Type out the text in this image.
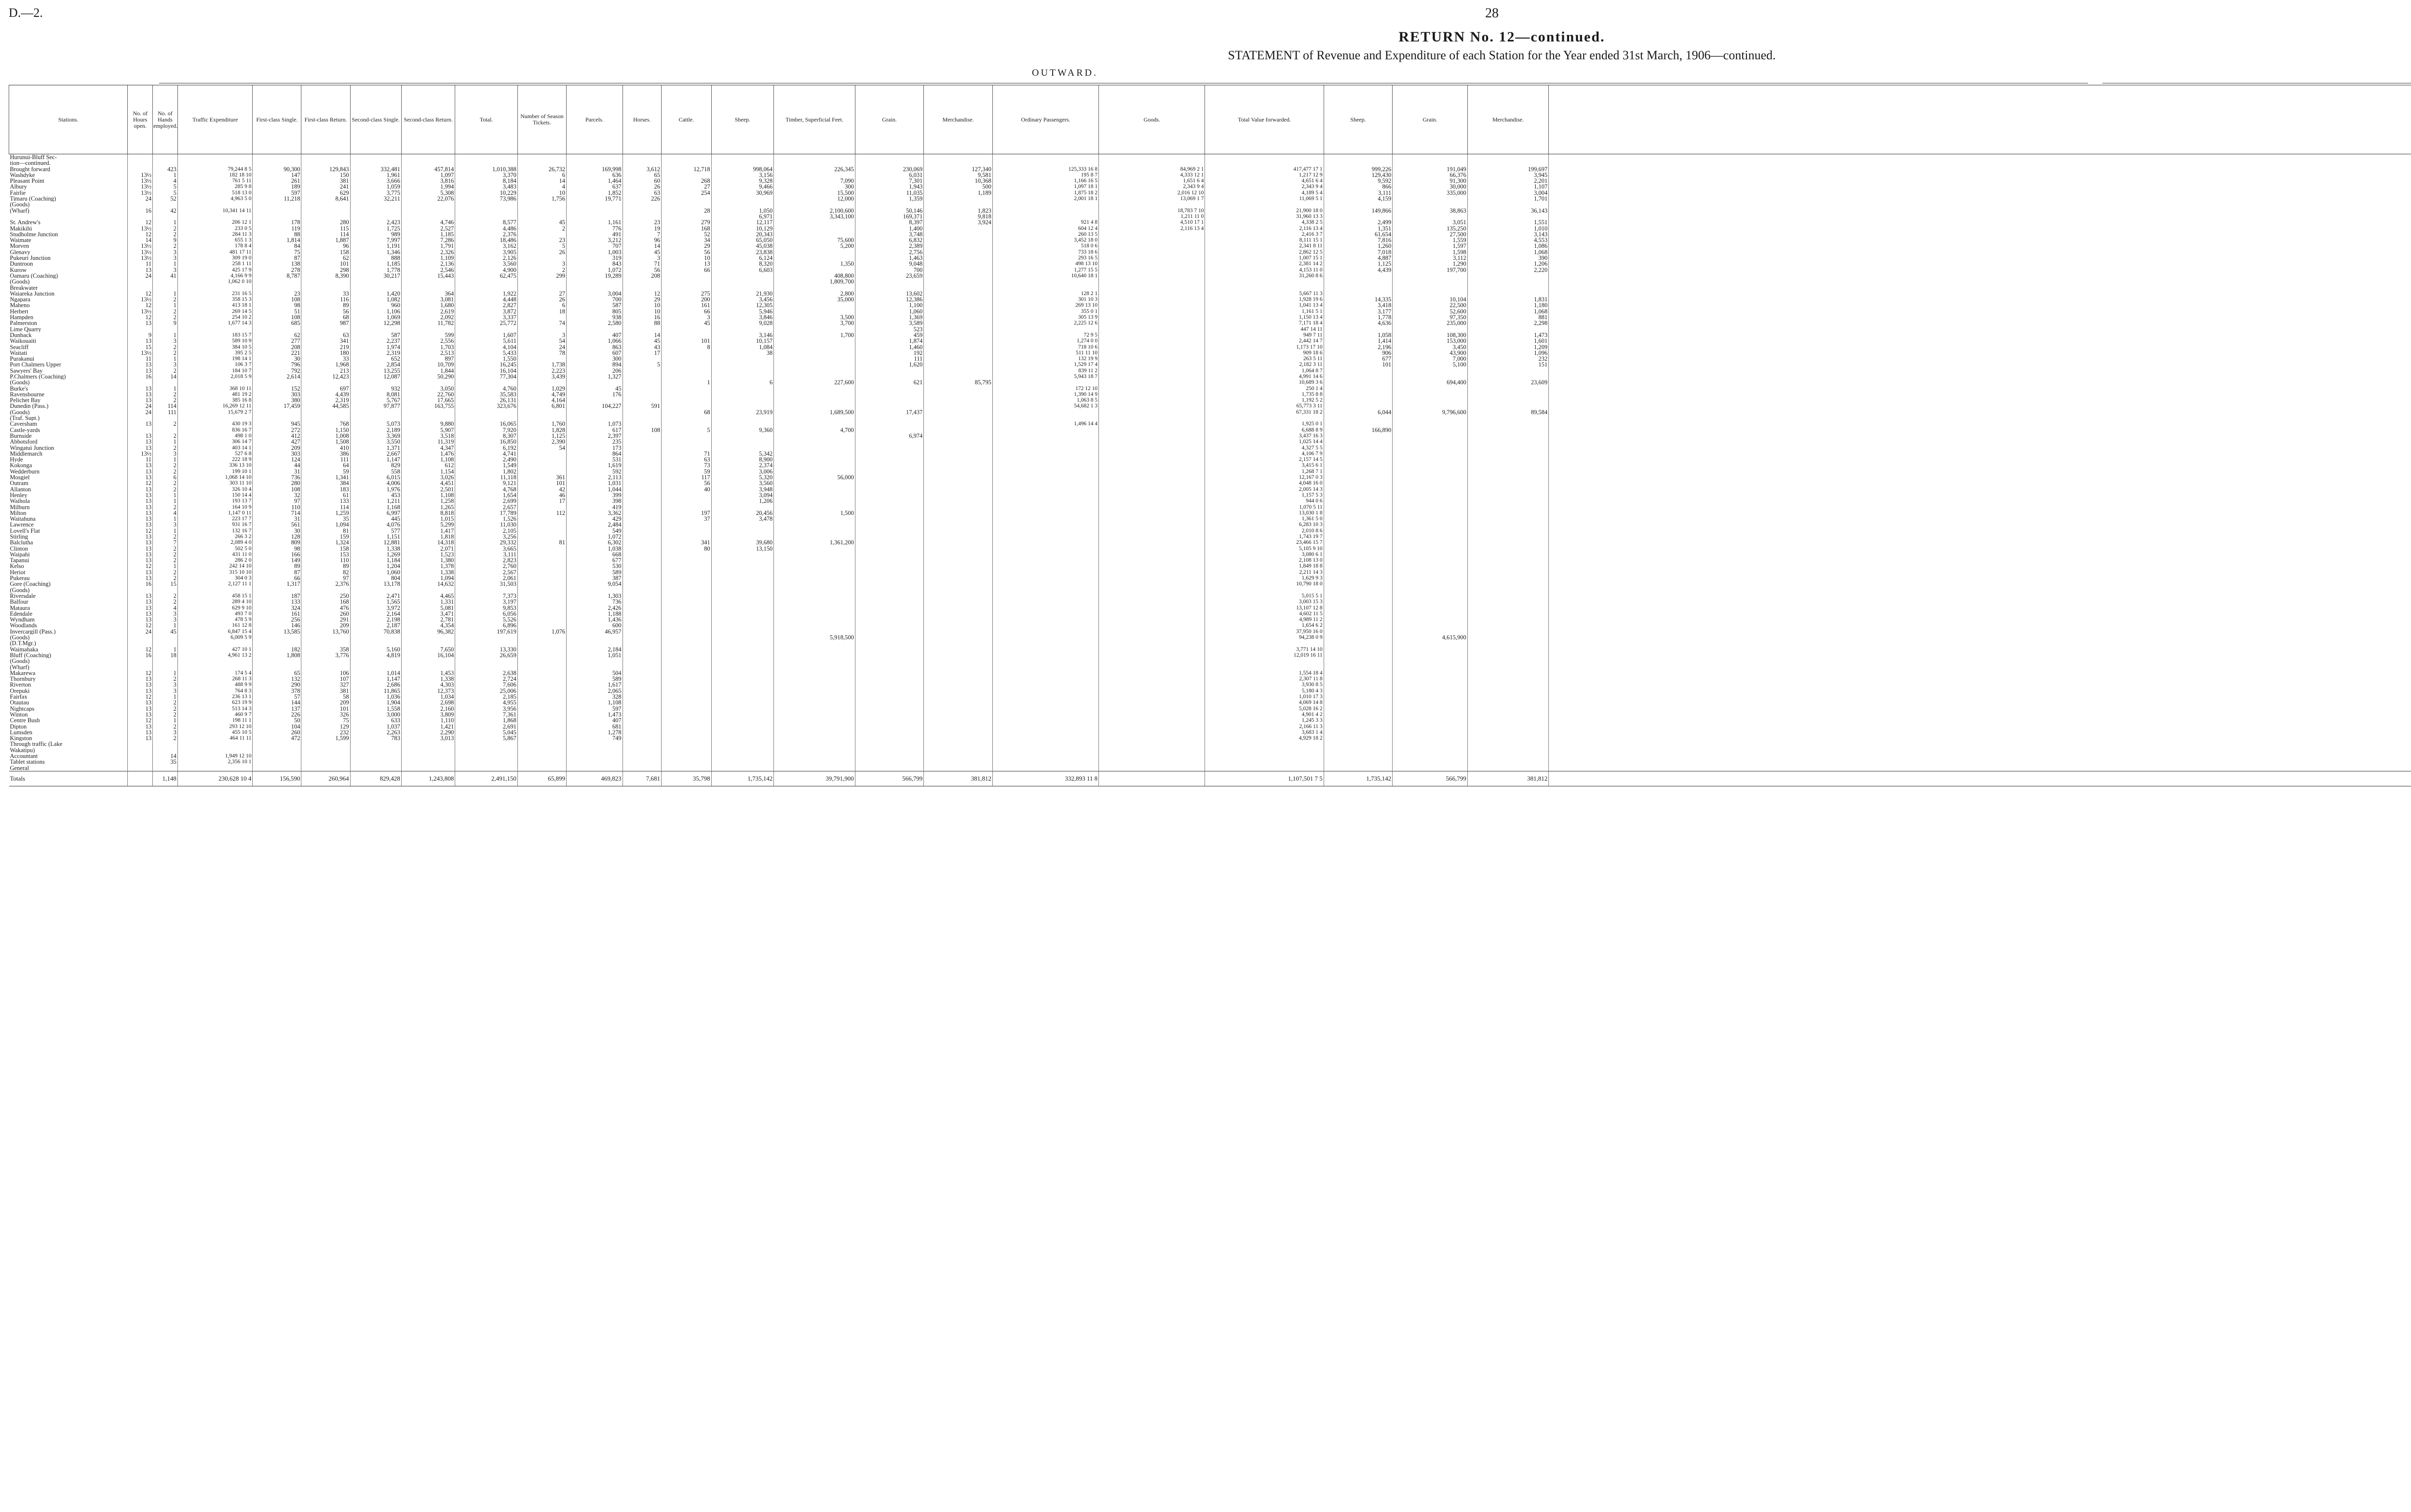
D.—2.	28
RETURN No. 12—continued.
STATEMENT of Revenue and Expenditure of each Station for the Year ended 31st March, 1906—continued.
OUTWARD.
Stations.	No. of Hours open.	No. of Hands employed.	Traffic Expenditure	First-class Single.	First-class Return.	Second-class Single.	Second-class Return.	Total.	Number of Season Tickets.	Parcels.	Horses.	Cattle.	Sheep.	Timber, Superficial Feet.	Grain.	Merchandise.	Ordinary Passengers.	Goods.	Total Value forwarded.	Sheep.	Grain.	Merchandise.		
Hurunui-Bluff Sec-																								
tion—continued.																								
Brought forward		423	79,244 8 5	90,300	129,843	332,481	457,814	1,010,388	26,732	169,998	3,612	12,718	998,064	226,345	230,069	127,340	125,333 16 8	84,969 2 1	417,477 17 1	999,226	191,049	199,697		
Washdyke	13½	1	182 18 10	147	150	1,961	1,097	3,370	6	636	65		3,156		6,031	9,581	195 8 7	4,333 12 1	1,217 12 9	129,430	66,376	3,945		
Pleasant Point	13½	4	761 5 11	261	381	3,666	3,816	8,184	14	1,464	60	268	9,328	7,090	7,301	10,368	1,166 16 5	1,651 6 4	4,651 6 4	9,592	91,300	2,201		
Albury	13½	5	285 9 8	189	241	1,059	1,994	3,483	4	637	26	27	9,466	300	1,943	500	1,097 18 1	2,343 9 4	2,343 9 4	866	30,000	1,107		
Fairlie	13½	5	518 13 0	597	629	3,775	5,308	10,229	10	1,852	63	254	30,969	15,500	11,035	1,189	1,875 18 2	2,016 12 10	4,189 5 4	3,111	335,000	3,004		
Timaru (Coaching)	24	52	4,963 5 0	11,218	8,641	32,211	22,076	73,986	1,756	19,771	226			12,000	1,359		2,001 18 1	13,069 1 7	11,069 5 1	4,159		1,701		
(Goods)																								
(Wharf)	16	42	10,341 14 11									28	1,050	2,100,600	50,146	1,823		18,783 7 10	21,900 18 0	149,866	38,863	36,143		
													6,971	3,343,100	169,371	9,818		1,211 11 0	31,960 13 3					
St. Andrew's	12	1	206 12 1	178	280	2,423	4,746	8,577	45	1,161	23	279	12,117		8,397	3,924	921 4 8	4,510 17 1	4,338 2 5	2,499	3,051	1,551		
Makikihi	13½	2	233 0 5	119	115	1,725	2,527	4,486	2	776	19	168	10,129		1,400		604 12 4	2,116 13 4	2,116 13 4	1,351	135,250	1,010		
Studholme Junction	12	2	284 11 3	88	114	989	1,185	2,376		491	7	52	20,343		3,748		260 13 5		2,416 3 7	61,654	27,500	3,143		
Waimate	14	9	655 1 3	1,814	1,887	7,997	7,286	18,486	23	3,212	96	34	65,050	75,600	6,832		3,452 18 0		8,111 15 1	7,816	1,559	4,553		
Morven	13½	2	178 8 4	84	96	1,191	1,791	3,162	5	707	14	29	45,038	5,200	2,389		518 0 6		2,341 8 11	1,260	1,597	1,086		
Glenavy	13½	3	481 17 11	75	158	1,346	2,326	3,905	26	1,003	45	56	23,838		2,756		733 18 6		2,862 12 5	7,018	1,598	1,068		
Pukeuri Junction	13½	3	309 19 0	87	62	888	1,109	2,126		319	3	10	6,124		1,463		293 16 5		1,007 15 1	4,887	3,112	390		
Duntroon	11	1	258 1 11	138	101	1,185	2,136	3,560	3	843	71	13	8,320	1,350	9,048		498 13 10		2,381 14 2	1,125	1,290	1,206		
Kurow	13	3	425 17 9	278	298	1,778	2,546	4,900	2	1,072	56	66	6,603		700		1,277 15 5		4,153 11 0	4,439	197,700	2,220		
Oamaru (Coaching)	24	41	4,166 9 9	8,787	8,390	30,217	15,443	62,475	299	19,289	208			408,800	23,659		10,640 18 1		31,260 8 6					
(Goods)			1,062 0 10											1,809,700										
Breakwater																								
Waiareka Junction	12	1	231 16 5	23	33	1,420	364	1,922	27	3,004	12	275	21,930	2,800	13,602		128 2 1		5,667 11 3					
Ngapara	13½	2	358 15 3	108	116	1,082	3,081	4,448	26	700	29	200	3,456	35,000	12,386		301 10 3		1,928 19 6	14,335	10,104	1,831		
Maheno	12	1	413 18 1	98	89	960	1,680	2,827	6	587	10	161	12,305		1,100		269 13 10		1,041 13 4	3,418	22,500	1,180		
Herbert	13½	2	269 14 5	51	56	1,106	2,619	3,872	18	805	10	66	5,946		1,060		355 0 1		1,161 5 1	3,177	52,600	1,068		
Hampden	12	2	254 10 2	108	68	1,069	2,092	3,337		938	16	3	3,846	3,500	1,369		305 13 9		1,150 13 4	1,778	97,350	881		
Palmerston	13	9	1,677 14 3	685	987	12,298	11,782	25,772	74	2,580	88	45	9,028	3,700	3,589		2,225 12 6		7,171 18 4	4,636	235,000	2,298		
Lime Quarry															523				447 14 11					
Dunback	9	1	183 15 7	62	63	587	599	1,607	3	407	14		3,146	1,700	459		72 9 5		949 7 11	1,058	108,300	1,473		
Waikouaiti	13	3	589 10 9	277	341	2,237	2,556	5,611	54	1,066	45	101	10,157		1,874		1,274 0 0		2,442 14 7	1,414	153,000	1,601		
Seacliff	15	2	384 10 5	208	219	1,974	1,703	4,104	24	863	43	8	1,084		1,460		718 10 6		1,173 17 10	2,196	3,450	1,209		
Waitati	13½	2	395 2 5	221	180	2,319	2,513	5,433	78	607	17		38		192		511 11 10		909 18 6	906	43,900	1,096		
Purakanui	11	1	198 14 1	30	33	652	897	1,550		300					111		132 19 9		263 5 11	677	7,000	232		
Port Chalmers Upper	13	3	106 3 7	796	1,968	2,854	10,709	16,245	1,738	894	5				1,620		1,529 17 4		2,182 3 11	101	5,100	151		
Sawyers' Bay	13	2	184 10 7	792	213	13,255	1,844	16,104	2,223	206							839 11 2		1,064 8 7					
P.Chalmers (Coaching)	16	14	2,018 5 9	2,614	12,423	12,087	50,290	77,304	3,439	1,327							5,943 18 7		4,991 14 6					
(Goods)												1	6	227,600	621	85,795			10,689 3 6		694,400	23,609		
Burke's	13	1	368 10 11	152	697	932	3,050	4,760	1,029	45							172 12 10		250 1 4					
Ravensbourne	13	2	481 19 2	303	4,439	8,081	22,760	35,583	4,749	176							1,390 14 9		1,735 8 8					
Pelichet Bay	13	2	385 16 8	380	2,319	5,767	17,665	26,131	4,164								1,063 8 5		1,192 5 2					
Dunedin (Pass.)	24	114	16,269 12 11	17,459	44,585	97,877	163,755	323,676	6,801	104,227	591						54,682 1 3		65,773 3 11					
(Goods)	24	111	15,679 2 7									68	23,919	1,689,500	17,437				67,331 18 2	6,044	9,796,600	89,584		
(Traf. Supt.)																								
Caversham	13	2	430 19 3	945	768	5,073	9,880	16,065	1,760	1,073							1,496 14 4		1,925 0 1					
Castle-yards			836 16 7	272	1,150	2,189	5,907	7,920	1,828	617	108	5	9,360	4,700					6,688 8 9	166,890				
Burnside	13	2	498 1 0	412	1,008	3,369	3,518	8,307	1,125	2,397					6,974				3,437 16 3					
Abbotsford	13	1	306 14 7	427	1,508	3,550	11,319	16,850	2,390	235									1,025 14 4					
Wingatui Junction	13	2	403 14 1	209	410	1,371	4,347	6,192	54	173									4,327 5 5					
Middlemarch	13½	3	527 6 8	303	386	2,667	1,476	4,741		864		71	5,342						4,106 7 9					
Hyde	11	1	222 18 9	124	111	1,147	1,108	2,490		531		63	8,900						2,157 14 5					
Kokonga	13	2	336 13 10	44	64	829	612	1,549		1,619		73	2,374						3,415 6 1					
Wedderburn	13	2	199 10 1	31	59	558	1,154	1,802		592		59	3,006						1,268 7 1					
Mosgiel	13	6	1,068 14 10	736	1,341	6,015	3,026	11,118	361	2,113		117	5,320	56,000					12,167 0 3					
Outram	12	2	303 11 10	280	384	4,006	4,451	9,121	101	1,031		56	3,560						4,048 16 0					
Allanton	13	2	326 10 4	108	183	1,976	2,501	4,768	42	1,044		40	3,948						2,005 14 3					
Henley	13	1	150 14 4	32	61	453	1,108	1,654	46	399			3,094						1,157 5 3					
Waihola	13	1	193 13 7	97	133	1,211	1,258	2,699	17	398			1,206						944 0 6					
Milburn	13	2	164 10 9	110	114	1,168	1,265	2,657		419									1,070 5 11					
Milton	13	4	1,147 0 11	714	1,259	6,997	8,818	17,789	112	3,362		197	20,456	1,500					13,030 1 8					
Waitahuna	13	1	223 17 7	31	35	445	1,015	1,526		429		37	3,478						1,361 5 0					
Lawrence	13	3	931 16 7	561	1,094	4,076	5,299	11,030		2,484									6,283 10 3					
Lovell's Flat	12	1	132 16 7	30	81	577	1,417	2,105		549									2,010 8 6					
Stirling	13	2	266 3 2	128	159	1,151	1,818	3,256		1,072									1,743 19 7					
Balclutha	13	7	2,089 4 0	809	1,324	12,881	14,318	29,332	81	6,302		341	39,680	1,361,200					23,466 15 7					
Clinton	13	2	502 5 0	98	158	1,338	2,071	3,665		1,038		80	13,150						5,105 9 10					
Waipahi	13	2	431 11 0	166	153	1,269	1,523	3,111		668									3,080 6 1					
Tapanui	13	2	286 2 0	149	110	1,184	1,380	2,823		677									2,108 13 0					
Kelso	12	1	242 14 10	89	89	1,204	1,378	2,760		530									1,849 18 8					
Heriot	13	2	315 10 10	87	82	1,060	1,338	2,567		589									2,211 14 3					
Pukerau	13	2	304 0 3	66	97	804	1,094	2,061		387									1,629 9 3					
Gore (Coaching)	16	15	2,127 11 1	1,317	2,376	13,178	14,632	31,503		9,054									10,790 18 0					
(Goods)																								
Riversdale	13	2	458 15 1	187	250	2,471	4,465	7,373		1,303									5,015 5 1					
Balfour	13	2	289 4 10	133	168	1,565	1,331	3,197		736									3,003 15 3					
Mataura	13	4	629 9 10	324	476	3,972	5,081	9,853		2,426									13,107 12 8					
Edendale	13	3	493 7 0	161	260	2,164	3,471	6,056		1,188									4,602 11 5					
Wyndham	13	3	478 5 9	256	291	2,198	2,781	5,526		1,436									4,989 11 2					
Woodlands	12	1	161 12 8	146	209	2,187	4,354	6,896		600									1,654 6 2					
Invercargill (Pass.)	24	45	6,847 15 4	13,585	13,760	70,838	96,382	197,619	1,076	46,957									37,950 16 0					
(Goods)			6,009 5 9											5,918,500					94,238 0 9		4,615,900			
(D.T.Mgr.)																								
Waimahaka	12	1	427 10 1	182	358	5,160	7,650	13,330		2,184									3,771 14 10					
Bluff (Coaching)	16	18	4,961 13 2	1,808	3,776	4,819	16,104	26,659		1,051									12,019 16 11					
(Goods)																								
(Wharf)																								
Makarewa	12	1	174 5 4	65	106	1,014	1,453	2,638		504									1,554 18 4					
Thornbury	13	2	268 11 3	132	107	1,147	1,338	2,724		589									2,307 11 8					
Riverton	13	3	488 9 9	290	327	2,686	4,303	7,606		1,617									3,930 8 5					
Orepuki	13	3	764 8 3	378	381	11,865	12,373	25,006		2,065									5,180 4 3					
Fairfax	12	1	236 13 1	57	58	1,036	1,034	2,185		328									1,010 17 3					
Otautau	13	2	623 19 9	144	209	1,904	2,698	4,955		1,108									4,069 14 8					
Nightcaps	13	2	513 14 3	137	101	1,558	2,160	3,956		597									5,028 16 2					
Winton	13	2	460 9 7	226	326	3,000	3,809	7,361		1,473									4,901 4 2					
Centre Bush	12	1	198 11 1	50	75	633	1,110	1,868		407									1,245 3 3					
Dipton	13	2	293 12 10	104	129	1,037	1,421	2,691		681									2,166 11 3					
Lumsden	13	3	455 10 5	260	232	2,263	2,290	5,045		1,278									3,683 1 4					
Kingston	13	2	464 11 11	472	1,599	783	3,013	5,867		749									4,929 18 2					
Through traffic (Lake																								
Wakatipu)																								
Accountant		14	1,949 12 10																					
Tablet stations		35	2,356 10 1																					
General																								
Totals		1,148	230,628 10 4	156,590	260,964	829,428	1,243,808	2,491,150	65,899	469,823	7,681	35,798	1,735,142	39,791,900	566,799	381,812	332,893 11 8		1,107,501 7 5	1,735,142	566,799	381,812		
